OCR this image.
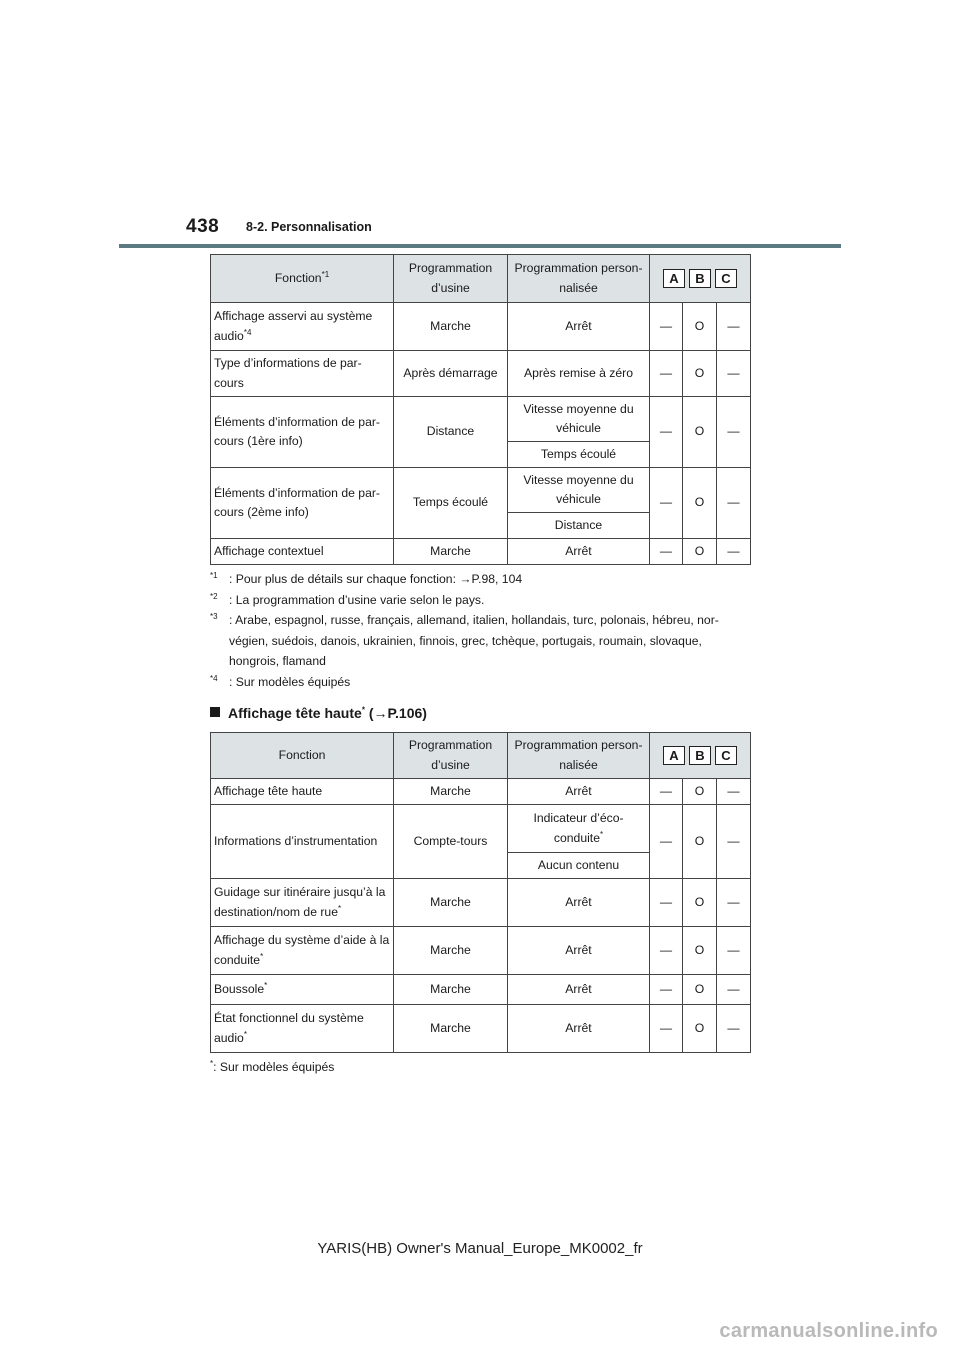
438 8-2. Personnalisation
Fonction$^{*1}$	Programmation d’usine	Programmation person-nalisée	A B C		

Affichage asservi au système audio$^{*4}$	Marche	Arrêt	—	O	—
Type d’informations de par-cours	Après démarrage	Après remise à zéro	—	O	—
Éléments d’information de par-cours (1ère info)	Distance	Vitesse moyenne du véhicule	—	O	—
		Temps écoulé			
Éléments d’information de par-cours (2ème info)	Temps écoulé	Vitesse moyenne du véhicule	—	O	—
		Distance			
Affichage contextuel	Marche	Arrêt	—	O	—
$^{*1}$ : Pour plus de détails sur chaque fonction: →P.98, 104
$^{*2}$ : La programmation d’usine varie selon le pays.
$^{*3}$ : Arabe, espagnol, russe, français, allemand, italien, hollandais, turc, polonais, hébreu, nor-végien, suédois, danois, ukrainien, finnois, grec, tchèque, portugais, roumain, slovaque, hongrois, flamand
$^{*4}$ : Sur modèles équipés
Affichage tête haute* (→P.106)
Fonction	Programmation d’usine	Programmation person-nalisée	A B C		

Affichage tête haute	Marche	Arrêt	—	O	—
Informations d’instrumentation	Compte-tours	Indicateur d’éco-conduite*	—	O	—
		Aucun contenu			
Guidage sur itinéraire jusqu’à la destination/nom de rue*	Marche	Arrêt	—	O	—
Affichage du système d’aide à la conduite*	Marche	Arrêt	—	O	—
Boussole*	Marche	Arrêt	—	O	—
État fonctionnel du système audio*	Marche	Arrêt	—	O	—
*: Sur modèles équipés
YARIS(HB) Owner's Manual_Europe_MK0002_fr
carmanualsonline.info
